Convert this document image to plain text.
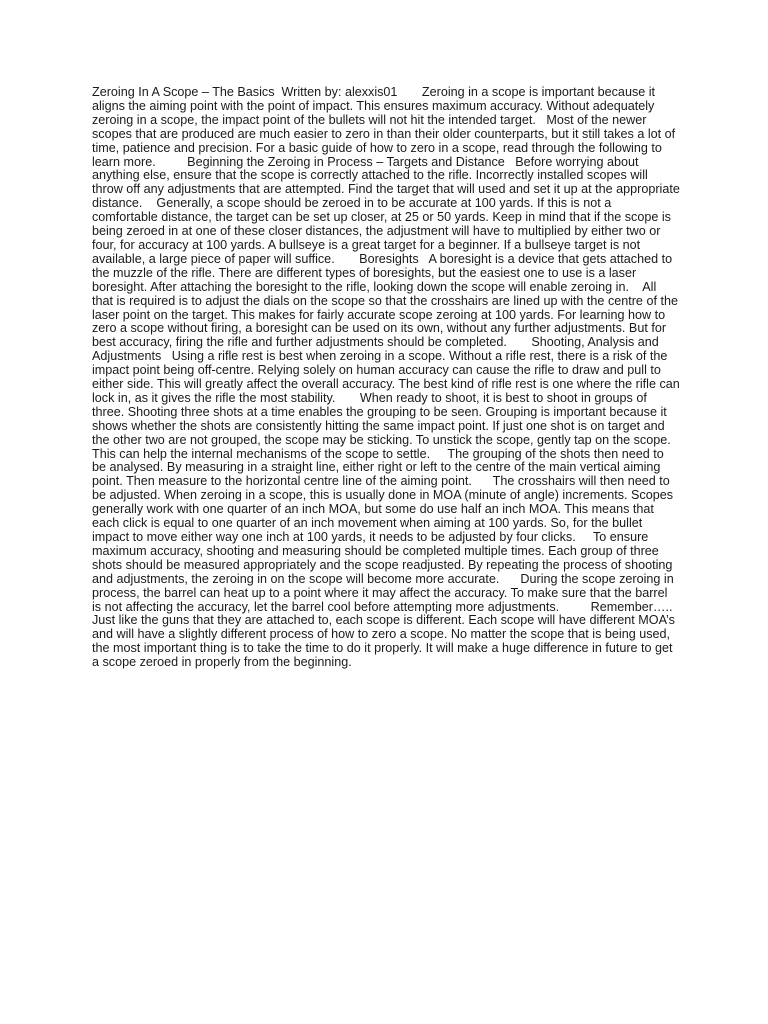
Zeroing In A Scope – The Basics  Written by: alexxis01       Zeroing in a scope is important because it aligns the aiming point with the point of impact. This ensures maximum accuracy. Without adequately zeroing in a scope, the impact point of the bullets will not hit the intended target.   Most of the newer scopes that are produced are much easier to zero in than their older counterparts, but it still takes a lot of time, patience and precision. For a basic guide of how to zero in a scope, read through the following to learn more.         Beginning the Zeroing in Process – Targets and Distance   Before worrying about anything else, ensure that the scope is correctly attached to the rifle. Incorrectly installed scopes will throw off any adjustments that are attempted. Find the target that will used and set it up at the appropriate distance.    Generally, a scope should be zeroed in to be accurate at 100 yards. If this is not a comfortable distance, the target can be set up closer, at 25 or 50 yards. Keep in mind that if the scope is being zeroed in at one of these closer distances, the adjustment will have to multiplied by either two or four, for accuracy at 100 yards. A bullseye is a great target for a beginner. If a bullseye target is not available, a large piece of paper will suffice.       Boresights   A boresight is a device that gets attached to the muzzle of the rifle. There are different types of boresights, but the easiest one to use is a laser boresight. After attaching the boresight to the rifle, looking down the scope will enable zeroing in.    All that is required is to adjust the dials on the scope so that the crosshairs are lined up with the centre of the laser point on the target. This makes for fairly accurate scope zeroing at 100 yards. For learning how to zero a scope without firing, a boresight can be used on its own, without any further adjustments. But for best accuracy, firing the rifle and further adjustments should be completed.       Shooting, Analysis and Adjustments   Using a rifle rest is best when zeroing in a scope. Without a rifle rest, there is a risk of the impact point being off-centre. Relying solely on human accuracy can cause the rifle to draw and pull to either side. This will greatly affect the overall accuracy. The best kind of rifle rest is one where the rifle can lock in, as it gives the rifle the most stability.       When ready to shoot, it is best to shoot in groups of three. Shooting three shots at a time enables the grouping to be seen. Grouping is important because it shows whether the shots are consistently hitting the same impact point. If just one shot is on target and the other two are not grouped, the scope may be sticking. To unstick the scope, gently tap on the scope. This can help the internal mechanisms of the scope to settle.     The grouping of the shots then need to be analysed. By measuring in a straight line, either right or left to the centre of the main vertical aiming point. Then measure to the horizontal centre line of the aiming point.      The crosshairs will then need to be adjusted. When zeroing in a scope, this is usually done in MOA (minute of angle) increments. Scopes generally work with one quarter of an inch MOA, but some do use half an inch MOA. This means that each click is equal to one quarter of an inch movement when aiming at 100 yards. So, for the bullet impact to move either way one inch at 100 yards, it needs to be adjusted by four clicks.     To ensure maximum accuracy, shooting and measuring should be completed multiple times. Each group of three shots should be measured appropriately and the scope readjusted. By repeating the process of shooting and adjustments, the zeroing in on the scope will become more accurate.      During the scope zeroing in process, the barrel can heat up to a point where it may affect the accuracy. To make sure that the barrel is not affecting the accuracy, let the barrel cool before attempting more adjustments.         Remember…..    Just like the guns that they are attached to, each scope is different. Each scope will have different MOA’s and will have a slightly different process of how to zero a scope. No matter the scope that is being used, the most important thing is to take the time to do it properly. It will make a huge difference in future to get a scope zeroed in properly from the beginning.
